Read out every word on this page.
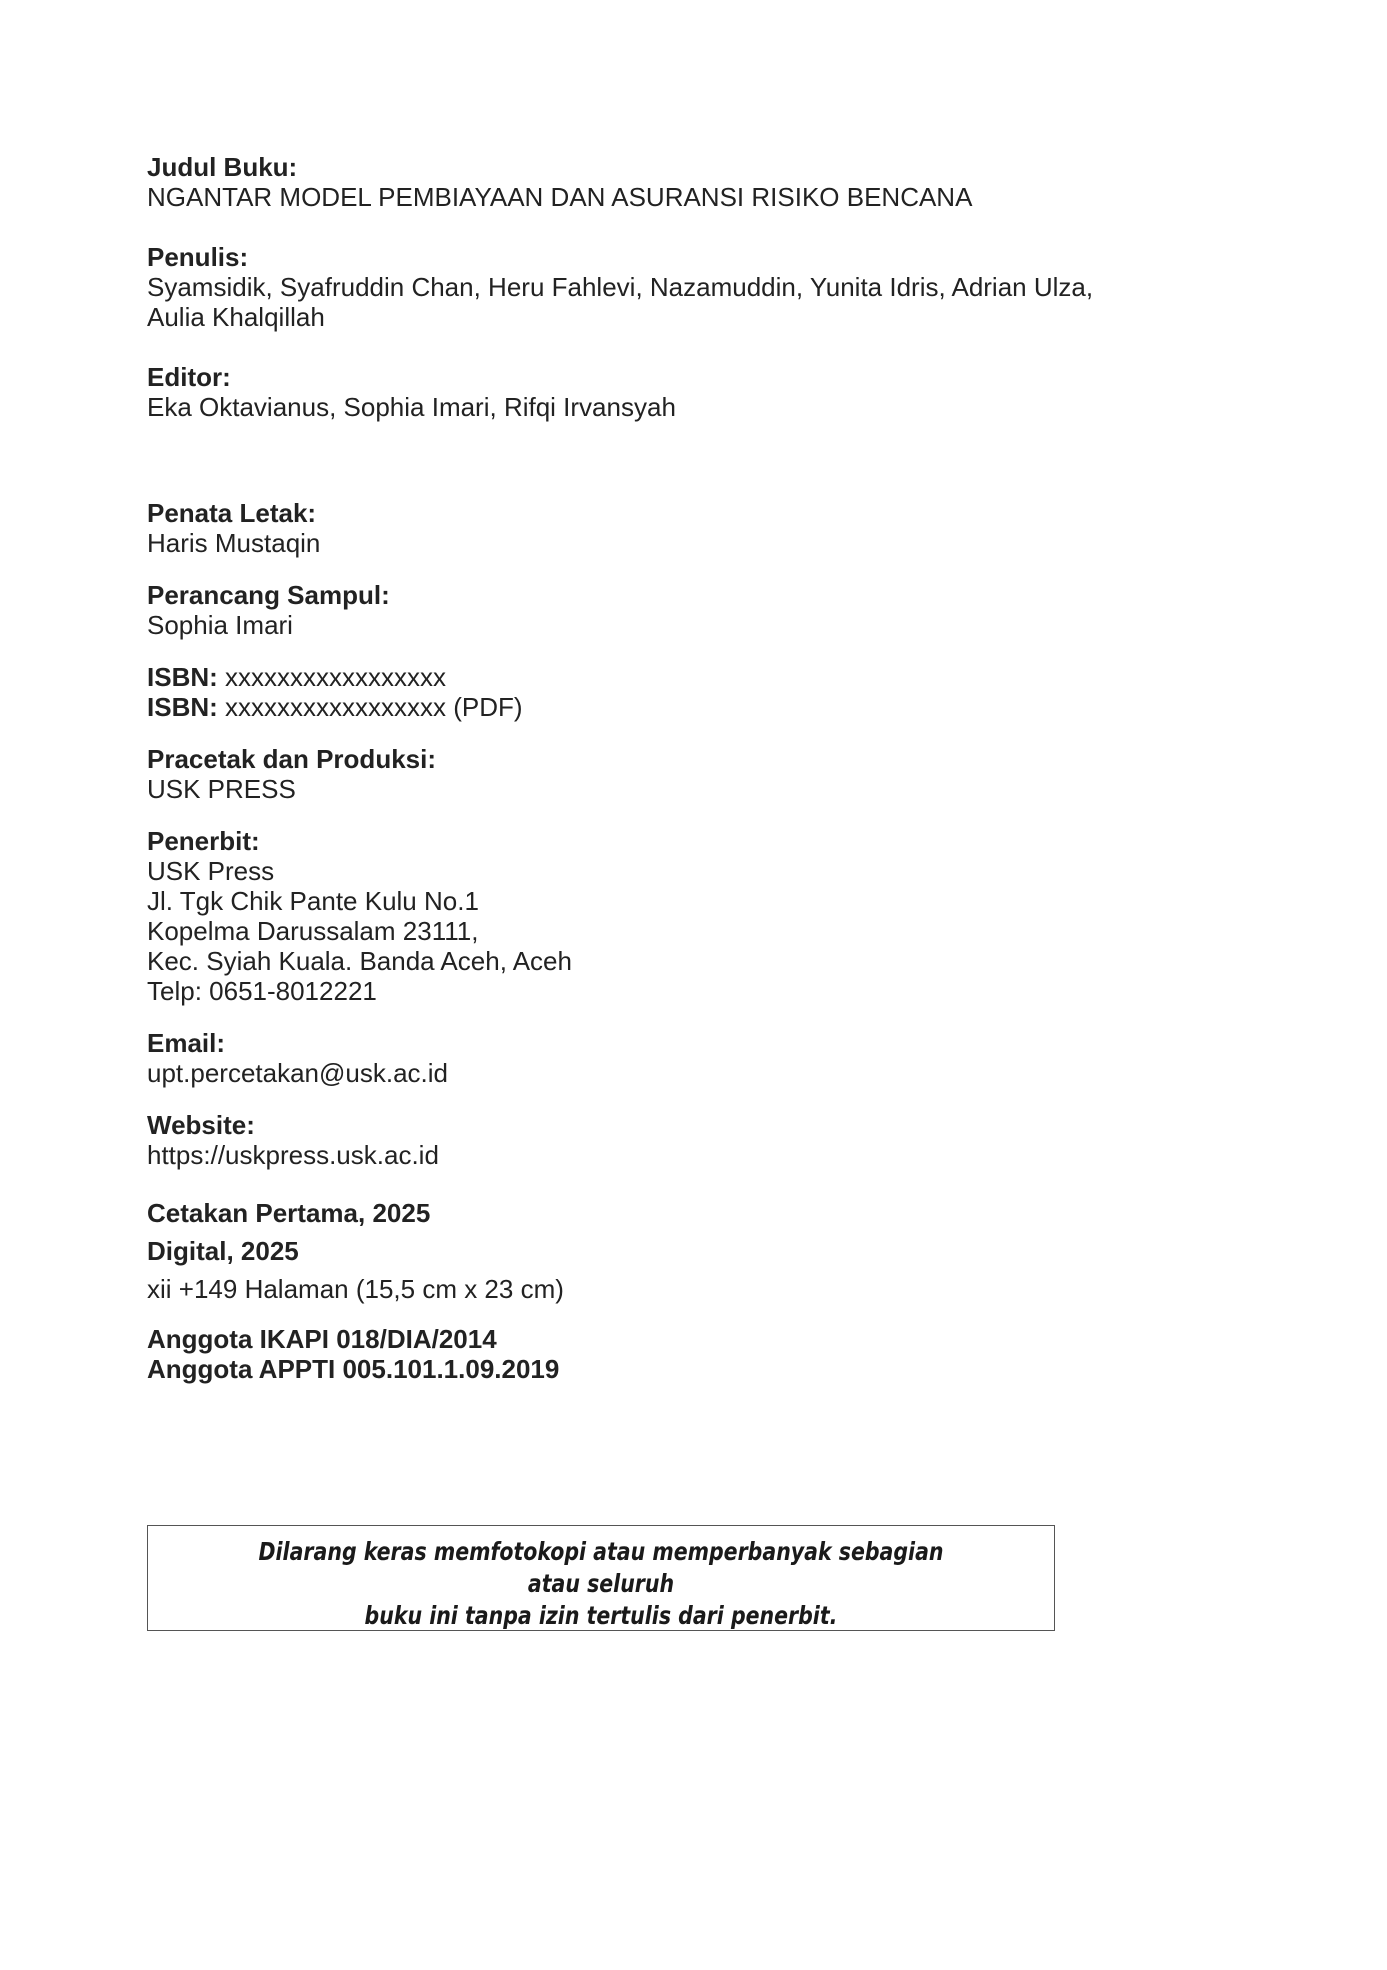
Judul Buku:
NGANTAR MODEL PEMBIAYAAN DAN ASURANSI RISIKO BENCANA
Penulis:
Syamsidik, Syafruddin Chan, Heru Fahlevi, Nazamuddin, Yunita Idris, Adrian Ulza, Aulia Khalqillah
Editor:
Eka Oktavianus, Sophia Imari, Rifqi Irvansyah
Penata Letak:
Haris Mustaqin
Perancang Sampul:
Sophia Imari
ISBN: xxxxxxxxxxxxxxxxx
ISBN: xxxxxxxxxxxxxxxxx (PDF)
Pracetak dan Produksi:
USK PRESS
Penerbit:
USK Press
Jl. Tgk Chik Pante Kulu No.1
Kopelma Darussalam 23111,
Kec. Syiah Kuala. Banda Aceh, Aceh
Telp: 0651-8012221
Email:
upt.percetakan@usk.ac.id
Website:
https://uskpress.usk.ac.id
Cetakan Pertama, 2025
Digital, 2025
xii +149 Halaman (15,5 cm x 23 cm)
Anggota IKAPI 018/DIA/2014
Anggota APPTI 005.101.1.09.2019
Dilarang keras memfotokopi atau memperbanyak sebagian atau seluruh
buku ini tanpa izin tertulis dari penerbit.
